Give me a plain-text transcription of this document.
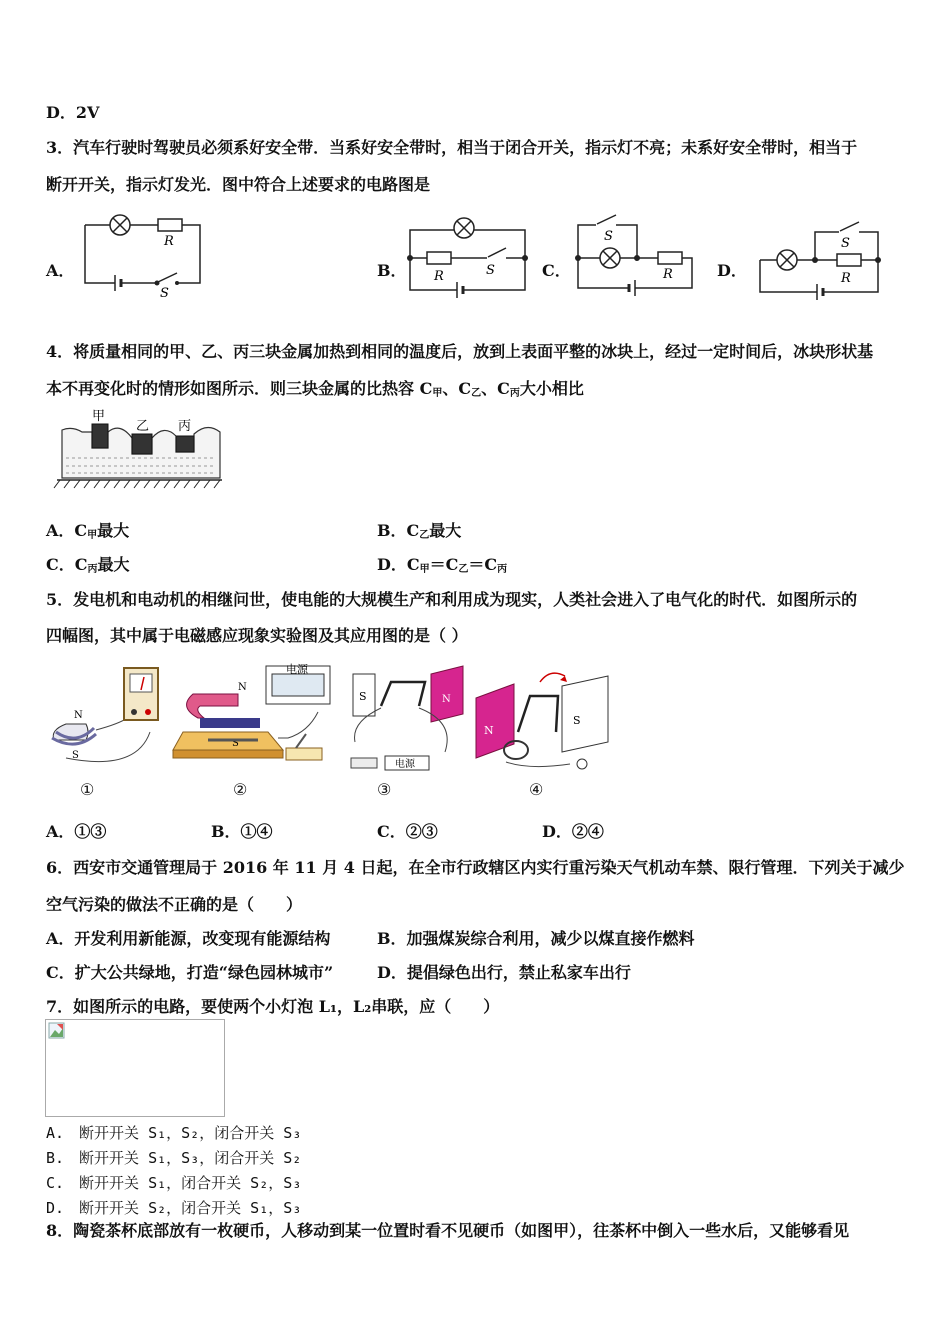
D．2V
3．汽车行驶时驾驶员必须系好安全带．当系好安全带时，相当于闭合开关，指示灯不亮；未系好安全带时，相当于
断开开关，指示灯发光．图中符合上述要求的电路图是
A．
R
S
B． R	S	C．
S
R	D．
S
R
4．将质量相同的甲、乙、丙三块金属加热到相同的温度后，放到上表面平整的冰块上，经过一定时间后，冰块形状基
本不再变化时的情形如图所示．则三块金属的比热容 $C_甲$、$C_乙$、$C_丙$大小相比
甲
乙 丙
A．$C_甲$最大	B．$C_乙$最大
C．$C_丙$最大	D．$C_甲=C_乙=C_丙$
5．发电机和电动机的相继问世，使电能的大规模生产和利用成为现实，人类社会进入了电气化的时代．如图所示的
四幅图，其中属于电磁感应现象实验图及其应用图的是（ ）
N
S
电源
N
S
S	N
电源
N
S
①	②	③	④
A．①③	B．①④	C．②③	D．②④
6．西安市交通管理局于 2016 年 11 月 4 日起，在全市行政辖区内实行重污染天气机动车禁、限行管理．下列关于减少
空气污染的做法不正确的是（　　）
A．开发利用新能源，改变现有能源结构	B．加强煤炭综合利用，减少以煤直接作燃料
C．扩大公共绿地，打造“绿色园林城市”	D．提倡绿色出行，禁止私家车出行
7．如图所示的电路，要使两个小灯泡 L₁，L₂串联，应（　　）
A.　断开开关 S₁，S₂，闭合开关 S₃
B.　断开开关 S₁，S₃，闭合开关 S₂
C.　断开开关 S₁，闭合开关 S₂，S₃
D.　断开开关 S₂，闭合开关 S₁，S₃
8．陶瓷茶杯底部放有一枚硬币，人移动到某一位置时看不见硬币（如图甲），往茶杯中倒入一些水后，又能够看见
